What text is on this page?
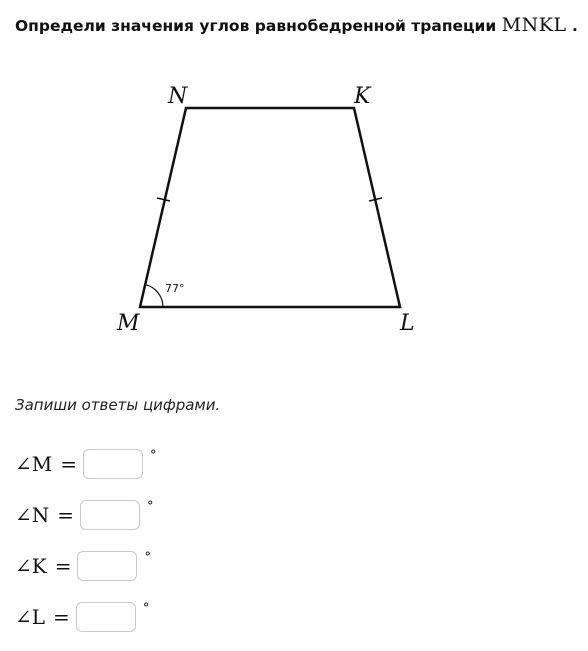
Определи значения углов равнобедренной трапеции MNKL .
77°
N	K
M	L
Запиши ответы цифрами.
∠M =	°
∠N =	°
∠K =	°
∠L =	°
